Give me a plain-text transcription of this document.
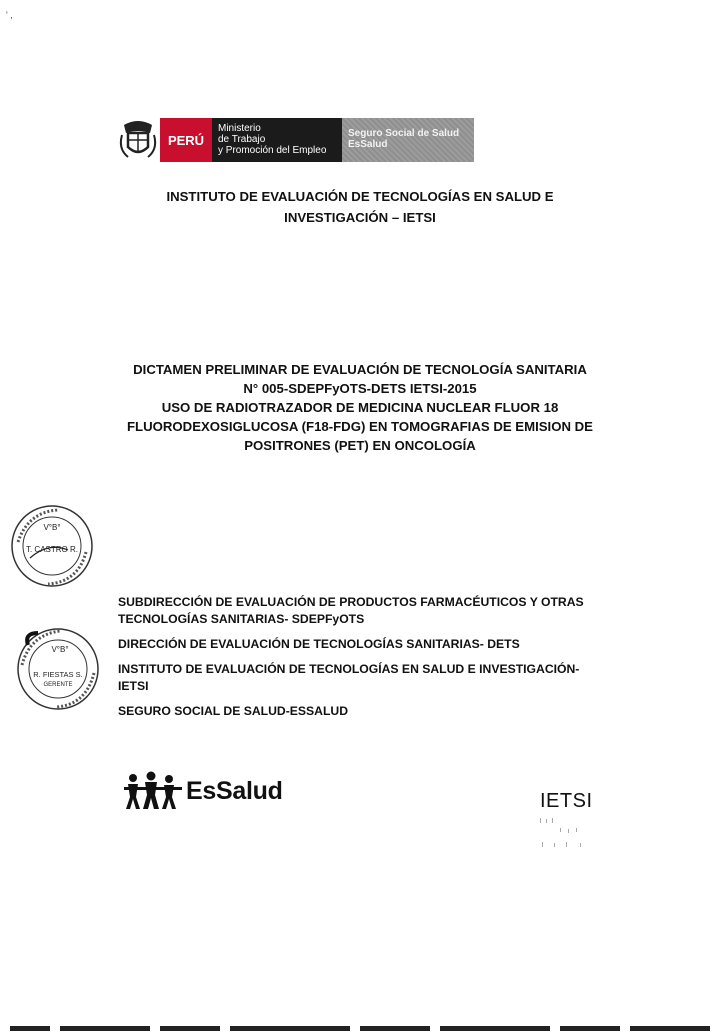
' ,
PERÚ
Ministerio
de Trabajo
y Promoción del Empleo
Seguro Social de Salud
EsSalud
INSTITUTO DE EVALUACIÓN DE TECNOLOGÍAS EN SALUD E
INVESTIGACIÓN – IETSI
DICTAMEN PRELIMINAR DE EVALUACIÓN DE TECNOLOGÍA SANITARIA
N° 005-SDEPFyOTS-DETS IETSI-2015
USO DE RADIOTRAZADOR DE MEDICINA NUCLEAR FLUOR 18
FLUORODEXOSIGLUCOSA (F18-FDG) EN TOMOGRAFIAS DE EMISION DE
POSITRONES (PET) EN ONCOLOGÍA
V°B°
T. CASTRO R.
V°B°
R. FIESTAS S.
GERENTE
SUBDIRECCIÓN DE EVALUACIÓN DE PRODUCTOS FARMACÉUTICOS Y OTRAS
TECNOLOGÍAS SANITARIAS- SDEPFyOTS
DIRECCIÓN DE EVALUACIÓN DE TECNOLOGÍAS SANITARIAS- DETS
INSTITUTO DE EVALUACIÓN DE TECNOLOGÍAS EN SALUD E INVESTIGACIÓN-
IETSI
SEGURO SOCIAL DE SALUD-ESSALUD
EsSalud	IETSI
